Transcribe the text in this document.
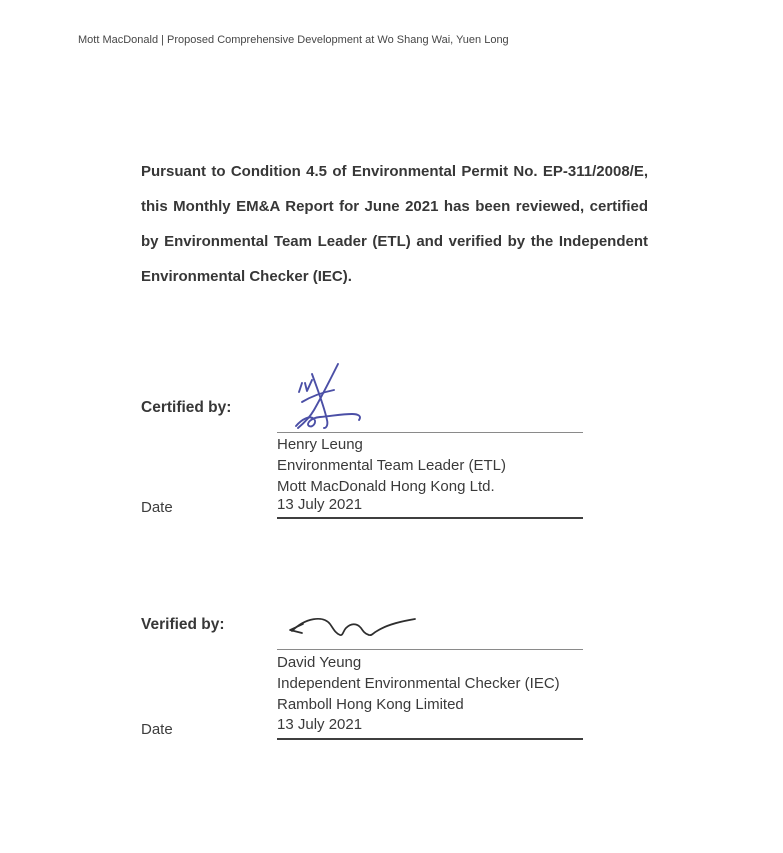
Mott MacDonald | Proposed Comprehensive Development at Wo Shang Wai, Yuen Long
Pursuant to Condition 4.5 of Environmental Permit No. EP-311/2008/E,
this Monthly EM&A Report for June 2021 has been reviewed, certified
by Environmental Team Leader (ETL) and verified by the Independent
Environmental Checker (IEC).
Certified by:
Henry Leung
Environmental Team Leader (ETL)
Mott MacDonald Hong Kong Ltd.
Date	13 July 2021
Verified by:
David Yeung
Independent Environmental Checker (IEC)
Ramboll Hong Kong Limited
Date	13 July 2021
